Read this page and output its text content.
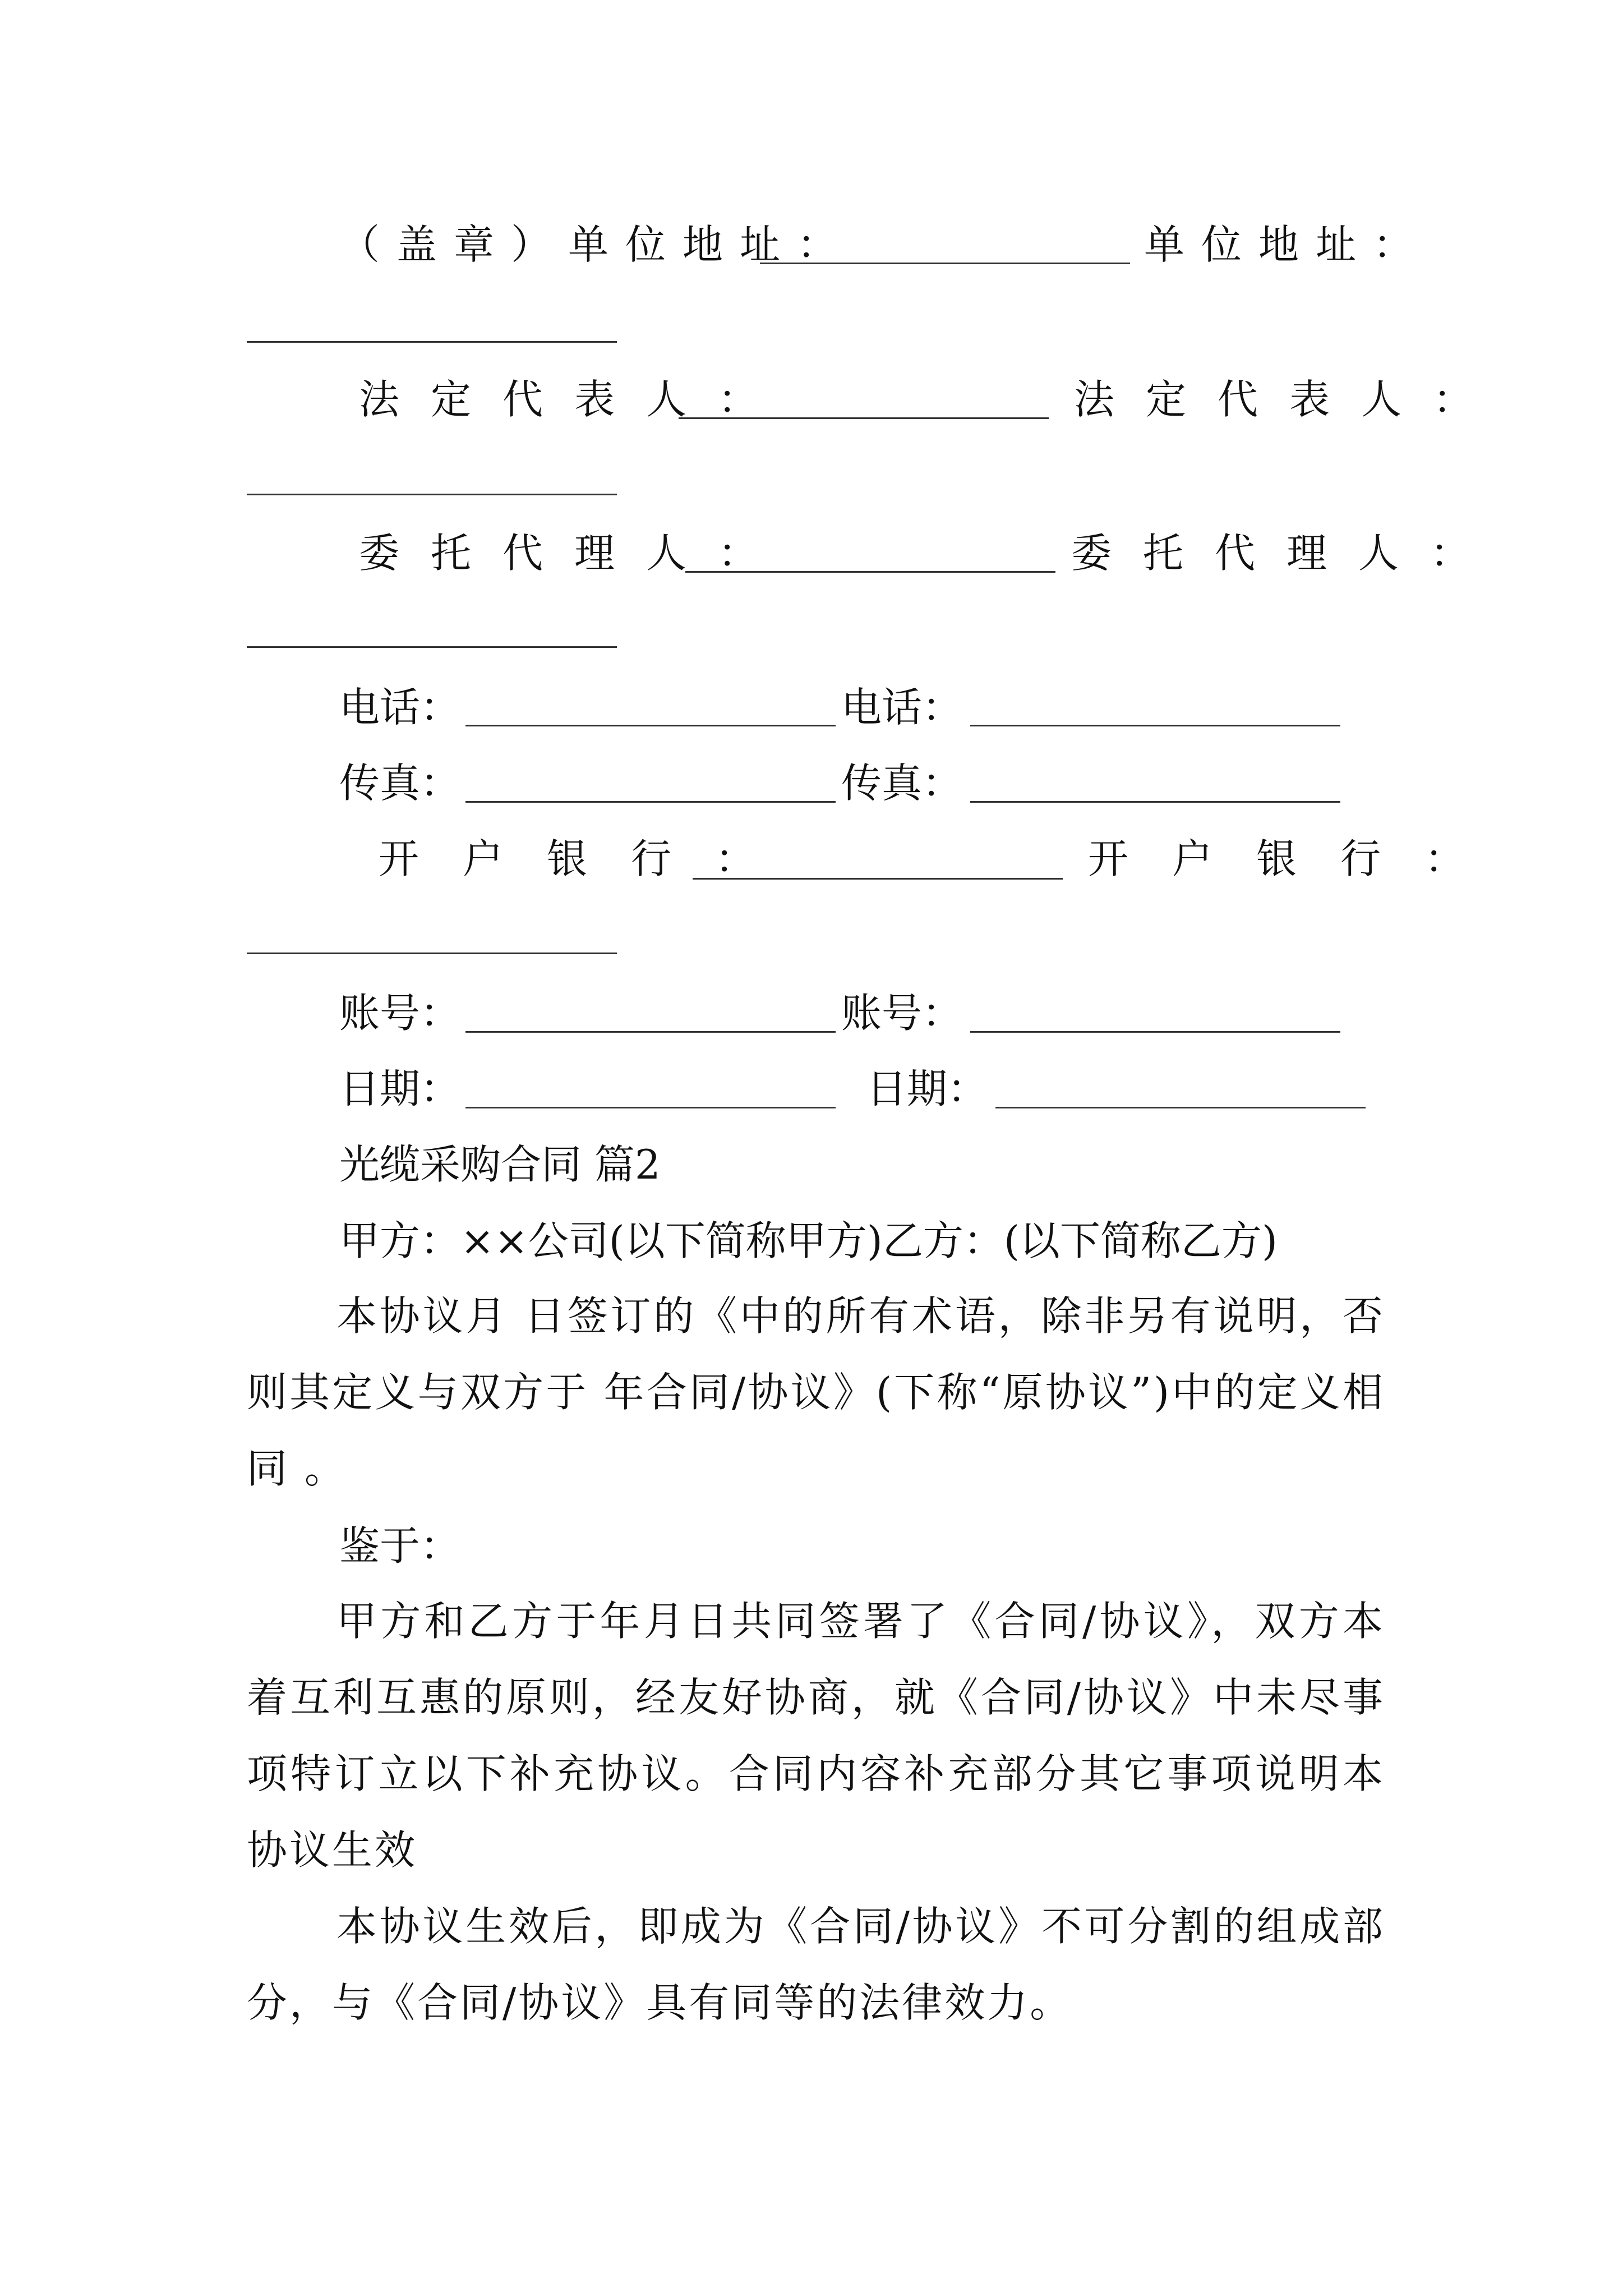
（盖章）单位地址：	单位地址：
法定代表人：	法定代表人：
委托代理人：	委托代理人：
电话：	电话：
传真：	传真：
开户银行：	开户银行：
账号：	账号：
日期：	日期：
光缆采购合同 篇2
甲方：××公司(以下简称甲方)乙方：(以下简称乙方)
本协议月 日签订的《中的所有术语，除非另有说明，否则其定义与双方于 年合同/协议》(下称“原协议”)中的定义相同 。
鉴于：
甲方和乙方于年月日共同签署了《合同/协议》，双方本着互利互惠的原则，经友好协商，就《合同/协议》中未尽事项特订立以下补充协议。合同内容补充部分其它事项说明本协议生效
本协议生效后，即成为《合同/协议》不可分割的组成部分，与《合同/协议》具有同等的法律效力。
